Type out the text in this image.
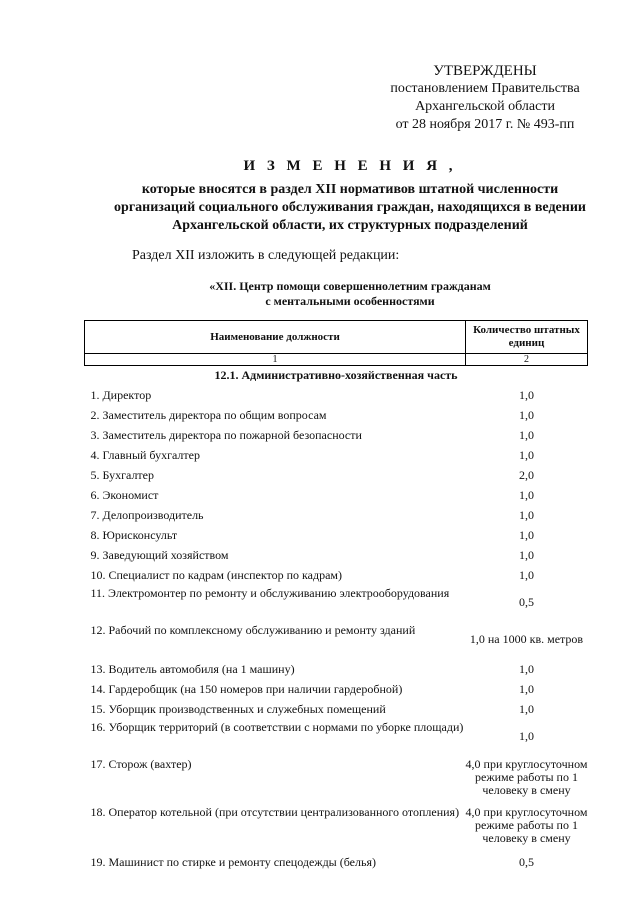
УТВЕРЖДЕНЫ
постановлением Правительства
Архангельской области
от 28 ноября 2017 г. № 493-пп
И З М Е Н Е Н И Я ,
которые вносятся в раздел XII нормативов штатной численности
организаций социального обслуживания граждан, находящихся в ведении
Архангельской области, их структурных подразделений
Раздел XII изложить в следующей редакции:
«XII. Центр помощи совершеннолетним гражданам
с ментальными особенностями
Наименование должности	Количество штатных единиц
1	2
12.1. Административно-хозяйственная часть	
1. Директор	1,0
2. Заместитель директора по общим вопросам	1,0
3. Заместитель директора по пожарной безопасности	1,0
4. Главный бухгалтер	1,0
5. Бухгалтер	2,0
6. Экономист	1,0
7. Делопроизводитель	1,0
8. Юрисконсульт	1,0
9. Заведующий хозяйством	1,0
10. Специалист по кадрам (инспектор по кадрам)	1,0
11. Электромонтер по ремонту и обслуживанию электрооборудования	0,5
12. Рабочий по комплексному обслуживанию и ремонту зданий	1,0 на 1000 кв. метров
13. Водитель автомобиля (на 1 машину)	1,0
14. Гардеробщик (на 150 номеров при наличии гардеробной)	1,0
15. Уборщик производственных и служебных помещений	1,0
16. Уборщик территорий (в соответствии с нормами по уборке площади)	1,0
17. Сторож (вахтер)	4,0 при круглосуточном режиме работы по 1 человеку в смену
18. Оператор котельной (при отсутствии централизованного отопления)	4,0 при круглосуточном режиме работы по 1 человеку в смену
19. Машинист по стирке и ремонту спецодежды (белья)	0,5
